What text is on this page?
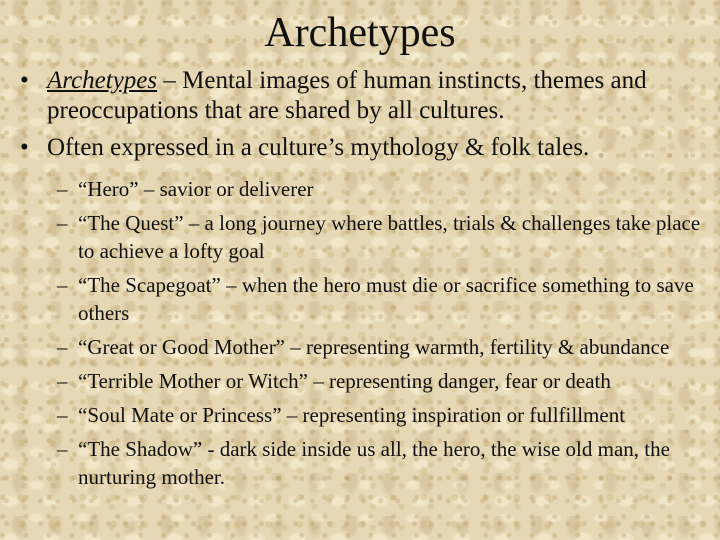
Archetypes
• Archetypes – Mental images of human instincts, themes and preoccupations that are shared by all cultures.
• Often expressed in a culture’s mythology & folk tales.
– “Hero” – savior or deliverer
– “The Quest” – a long journey where battles, trials & challenges take place to achieve a lofty goal
– “The Scapegoat” – when the hero must die or sacrifice something to save others
– “Great or Good Mother” – representing warmth, fertility & abundance
– “Terrible Mother or Witch” – representing danger, fear or death
– “Soul Mate or Princess” – representing inspiration or fullfillment
– “The Shadow” - dark side inside us all, the hero, the wise old man, the nurturing mother.
